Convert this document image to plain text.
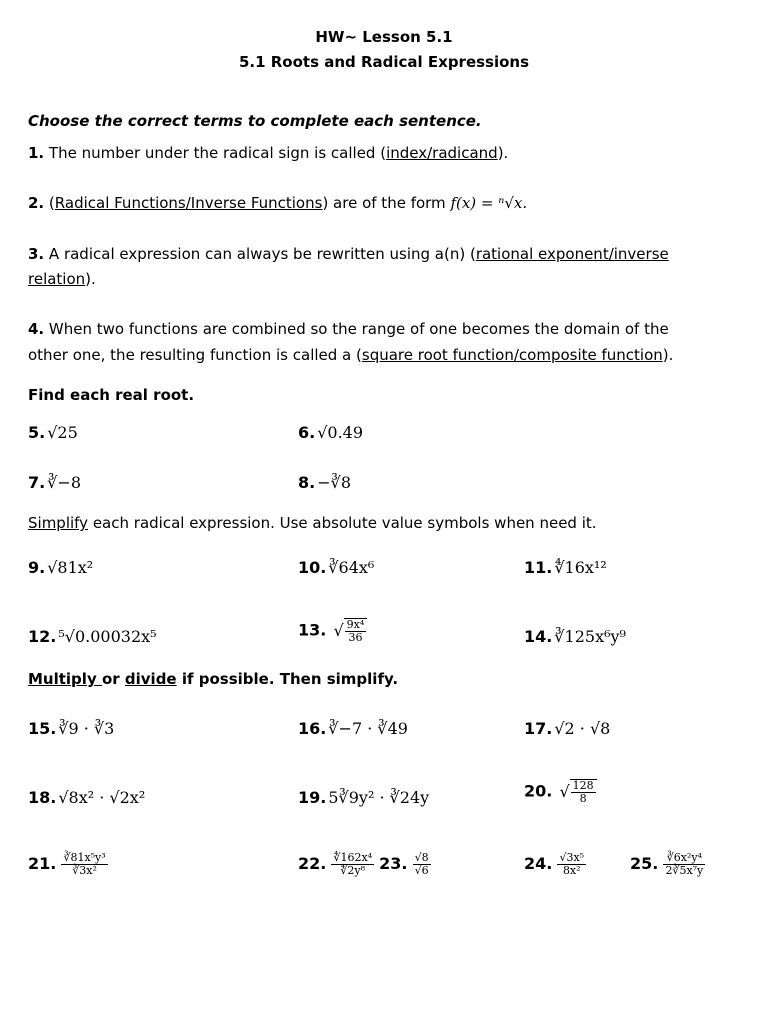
HW~ Lesson 5.1
5.1 Roots and Radical Expressions
Choose the correct terms to complete each sentence.
1. The number under the radical sign is called (index/radicand).
2. (Radical Functions/Inverse Functions) are of the form f(x) = ⁿ√x.
3. A radical expression can always be rewritten using a(n) (rational exponent/inverse
relation).
4. When two functions are combined so the range of one becomes the domain of the
other one, the resulting function is called a (square root function/composite function).
Find each real root.
5. √25	6. √0.49
7. ∛−8	8. −∛8
Simplify each radical expression. Use absolute value symbols when need it.
9. √81x²	10. ∛64x⁶	11. ∜16x¹²
12. ⁵√0.00032x⁵	13. √ $\frac{\text{9x⁴}}{36}$	14. ∛125x⁶y⁹
Multiply or divide if possible. Then simplify.
15. ∛9 · ∛3	16. ∛−7 · ∛49	17. √2 · √8
18. √8x² · √2x²	19. 5∛9y² · ∛24y	20. √ $\frac{128}{8}$
21. $\frac{\text{∛81x⁵y³}}{\text{∛3x²}}$	22. $\frac{\text{∜162x⁴}}{\text{∜2y⁸}} 23$. $\frac{√8}{√6}$	24. $\frac{\text{√3x⁵}}{\text{8x²}}$	25. $\frac{\text{∛6x²y⁴}}{\text{2∛5x⁷y}}$
